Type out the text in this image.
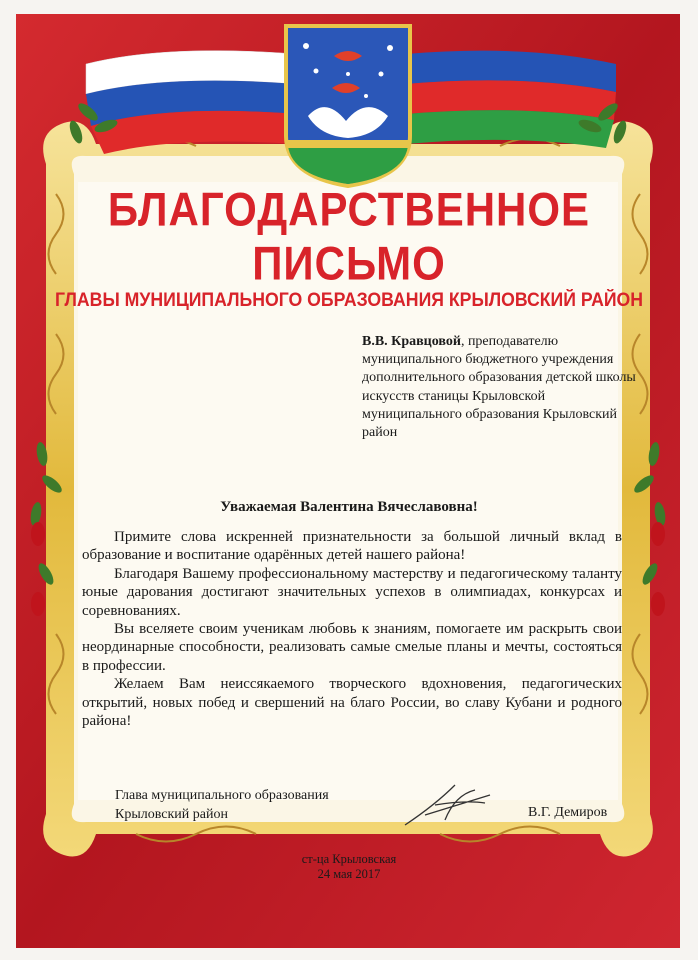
БЛАГОДАРСТВЕННОЕ
ПИСЬМО
ГЛАВЫ МУНИЦИПАЛЬНОГО ОБРАЗОВАНИЯ КРЫЛОВСКИЙ РАЙОН
В.В. Кравцовой, преподавателю муниципального бюджетного учреждения дополнительного образования детской школы искусств станицы Крыловской муниципального образования Крыловский район
Уважаемая Валентина Вячеславовна!

Примите слова искренней признательности за большой личный вклад в образование и воспитание одарённых детей нашего района!

Благодаря Вашему профессиональному мастерству и педагогическому таланту юные дарования достигают значительных успехов в олимпиадах, конкурсах и соревнованиях.

Вы вселяете своим ученикам любовь к знаниям, помогаете им раскрыть свои неординарные способности, реализовать самые смелые планы и мечты, состояться в профессии.

Желаем Вам неиссякаемого творческого вдохновения, педагогических открытий, новых побед и свершений на благо России, во славу Кубани и родного района!

Глава муниципального образования
Крыловский район	В.Г. Демиров
ст-ца Крыловская
24 мая 2017
